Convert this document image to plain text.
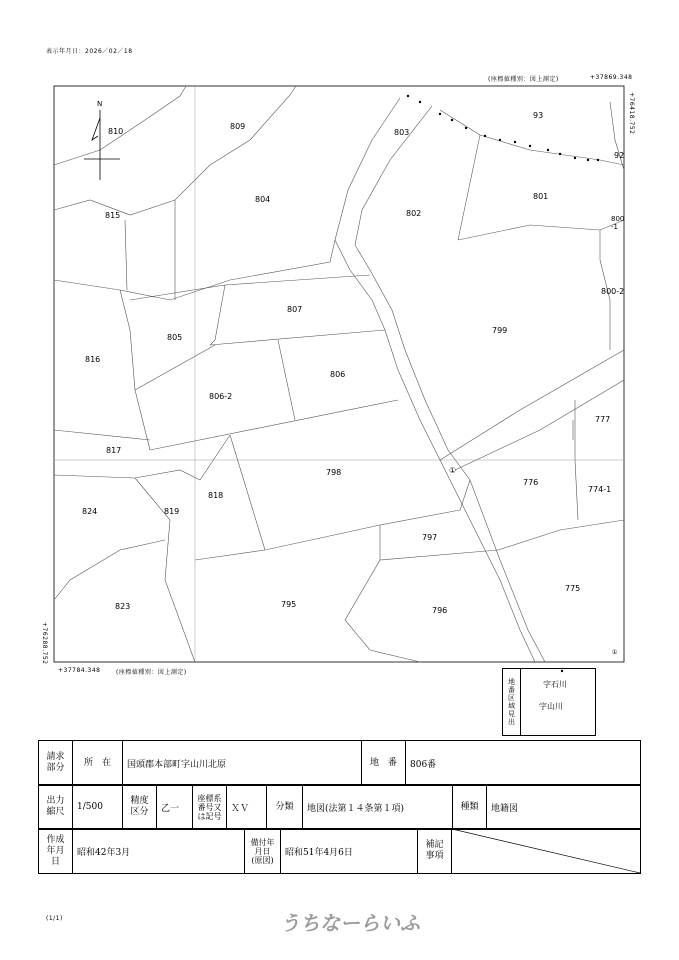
表示年月日：2026／02／18
(座標値種別：図上測定)	+37869.348
+76418.752
+76288.752
+37784.348	(座標値種別：図上測定)
N
810
809
803
93
92
815
804
802
801
800 -1
800-2
807
805
799
816
806
806-2
777
817
798
776
774-1
818
824	819
797
823	795
796
775
①
①
地番区域見出	字石川
字山川
請求部分	所　在	国頭郡本部町字山川北原	地　番	806番
出力縮尺	1/500	精度区分	乙一	座標系番号又は記号	ＸＶ	分類	地図(法第１４条第１項)	種類	地籍図
作成年月日	昭和42年3月	備付年月日(原図)	昭和51年4月6日	補記事項	
(1/1)	うちなーらいふ
